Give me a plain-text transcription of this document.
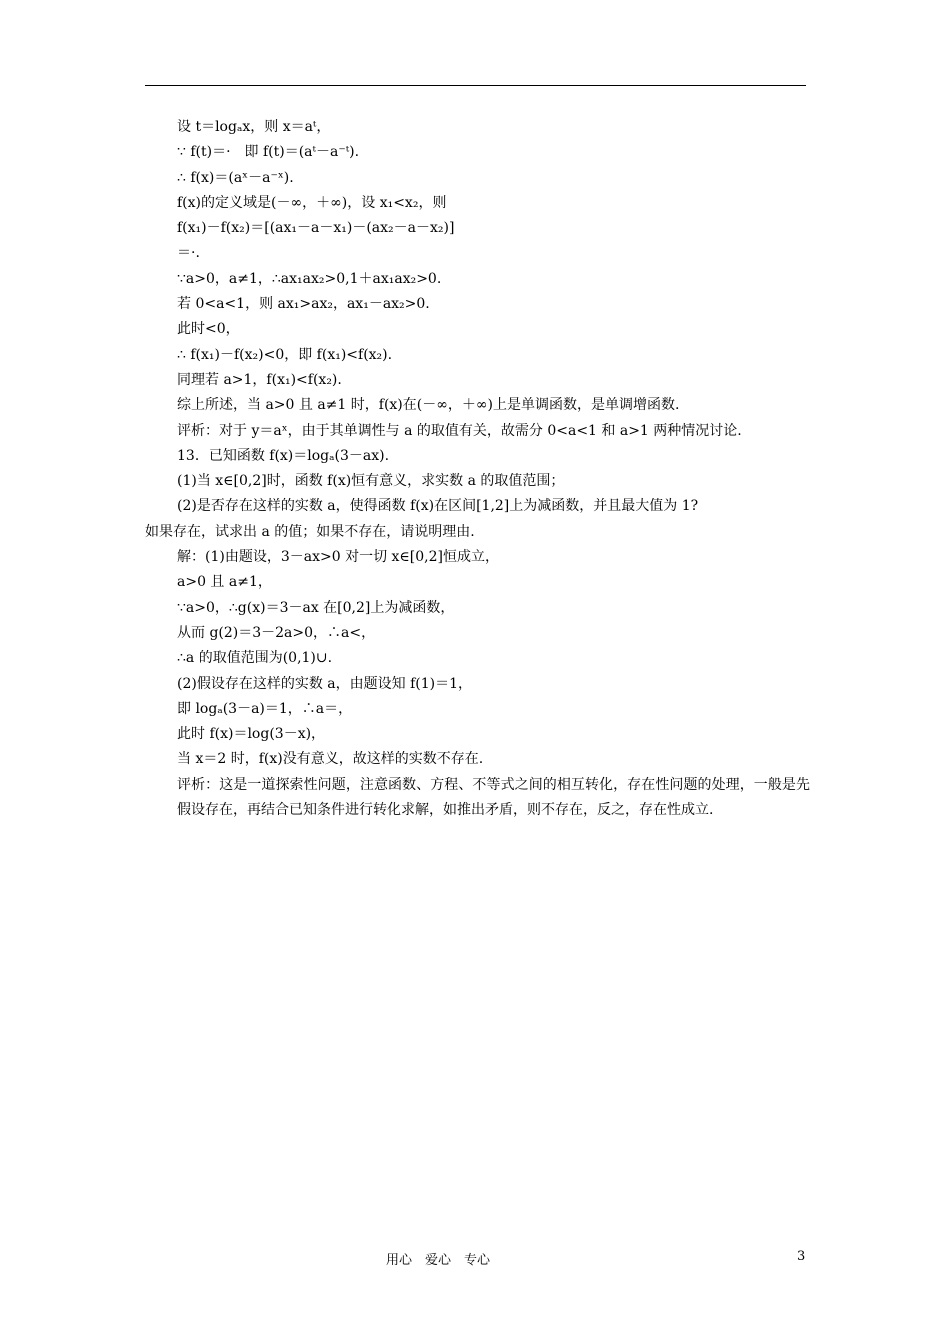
设 t＝logₐx，则 x＝aᵗ，
∵ f(t)＝·　即 f(t)＝(aᵗ－a⁻ᵗ).
∴ f(x)＝(aˣ－a⁻ˣ).
f(x)的定义域是(－∞，＋∞)，设 x₁<x₂，则
f(x₁)－f(x₂)＝[(ax₁－a－x₁)－(ax₂－a－x₂)]
＝·.
∵a>0，a≠1，∴ax₁ax₂>0,1＋ax₁ax₂>0.
若 0<a<1，则 ax₁>ax₂，ax₁－ax₂>0.
此时<0，
∴ f(x₁)－f(x₂)<0，即 f(x₁)<f(x₂).
同理若 a>1，f(x₁)<f(x₂).
综上所述，当 a>0 且 a≠1 时，f(x)在(－∞，＋∞)上是单调函数，是单调增函数.
评析：对于 y＝aˣ，由于其单调性与 a 的取值有关，故需分 0<a<1 和 a>1 两种情况讨论.
13．已知函数 f(x)＝logₐ(3－ax).
(1)当 x∈[0,2]时，函数 f(x)恒有意义，求实数 a 的取值范围；
(2)是否存在这样的实数 a，使得函数 f(x)在区间[1,2]上为减函数，并且最大值为 1?
如果存在，试求出 a 的值；如果不存在，请说明理由.
解：(1)由题设，3－ax>0 对一切 x∈[0,2]恒成立，
a>0 且 a≠1，
∵a>0，∴g(x)＝3－ax 在[0,2]上为减函数，
从而 g(2)＝3－2a>0，∴a<，
∴a 的取值范围为(0,1)∪.
(2)假设存在这样的实数 a，由题设知 f(1)＝1，
即 logₐ(3－a)＝1，∴a＝，
此时 f(x)＝log(3－x)，
当 x＝2 时，f(x)没有意义，故这样的实数不存在.
评析：这是一道探索性问题，注意函数、方程、不等式之间的相互转化，存在性问题的处理，一般是先假设存在，再结合已知条件进行转化求解，如推出矛盾，则不存在，反之，存在性成立.
用心　爱心　专心	3
